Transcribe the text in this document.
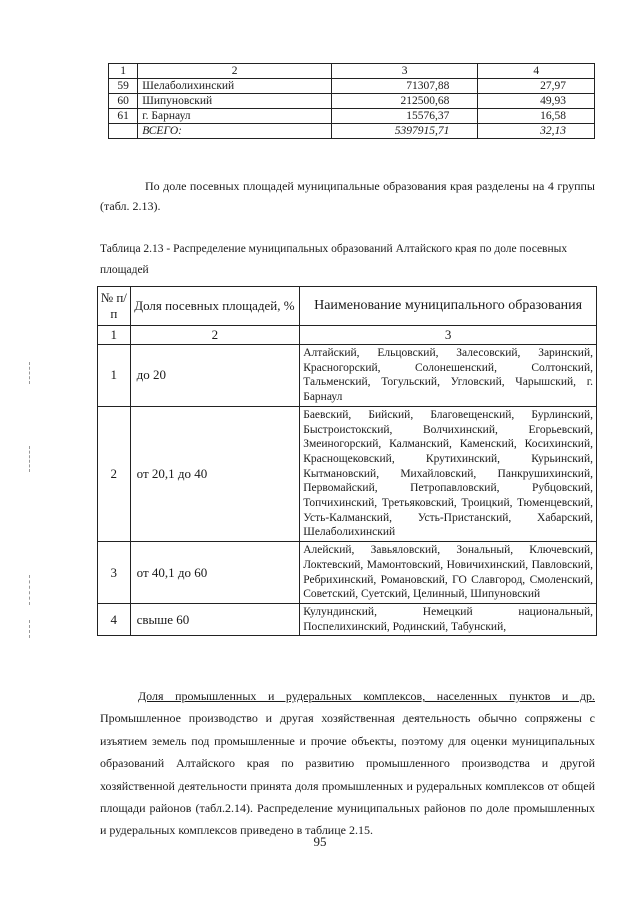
1	2	3	4
59	Шелаболихинский	71307,88	27,97
60	Шипуновский	212500,68	49,93
61	г. Барнаул	15576,37	16,58
	ВСЕГО:	5397915,71	32,13

По доле посевных площадей муниципальные образования края разделены на 4 группы (табл. 2.13).

Таблица 2.13 - Распределение муниципальных образований Алтайского края по доле посевных площадей

№ п/п	Доля посевных площадей, %	Наименование муниципального образования
1	2	3
1	до 20	Алтайский, Ельцовский, Залесовский, Заринский, Красногорский, Солонешенский, Солтонский, Тальменский, Тогульский, Угловский, Чарышский, г. Барнаул
2	от 20,1 до 40	Баевский, Бийский, Благовещенский, Бурлинский, Быстроистокский, Волчихинский, Егорьевский, Змеиногорский, Калманский, Каменский, Косихинский, Краснощековский, Крутихинский, Курьинский, Кытмановский, Михайловский, Панкрушихинский, Первомайский, Петропавловский, Рубцовский, Топчихинский, Третьяковский, Троицкий, Тюменцевский, Усть-Калманский, Усть-Пристанский, Хабарский, Шелаболихинский
3	от 40,1 до 60	Алейский, Завьяловский, Зональный, Ключевский, Локтевский, Мамонтовский, Новичихинский, Павловский, Ребрихинский, Романовский, ГО Славгород, Смоленский, Советский, Суетский, Целинный, Шипуновский
4	свыше 60	Кулундинский, Немецкий национальный, Поспелихинский, Родинский, Табунский,

Доля промышленных и рудеральных комплексов, населенных пунктов и др. Промышленное производство и другая хозяйственная деятельность обычно сопряжены с изъятием земель под промышленные и прочие объекты, поэтому для оценки муниципальных образований Алтайского края по развитию промышленного производства и другой хозяйственной деятельности принята доля промышленных и рудеральных комплексов от общей площади районов (табл.2.14). Распределение муниципальных районов по доле промышленных и рудеральных комплексов приведено в таблице 2.15.

95
